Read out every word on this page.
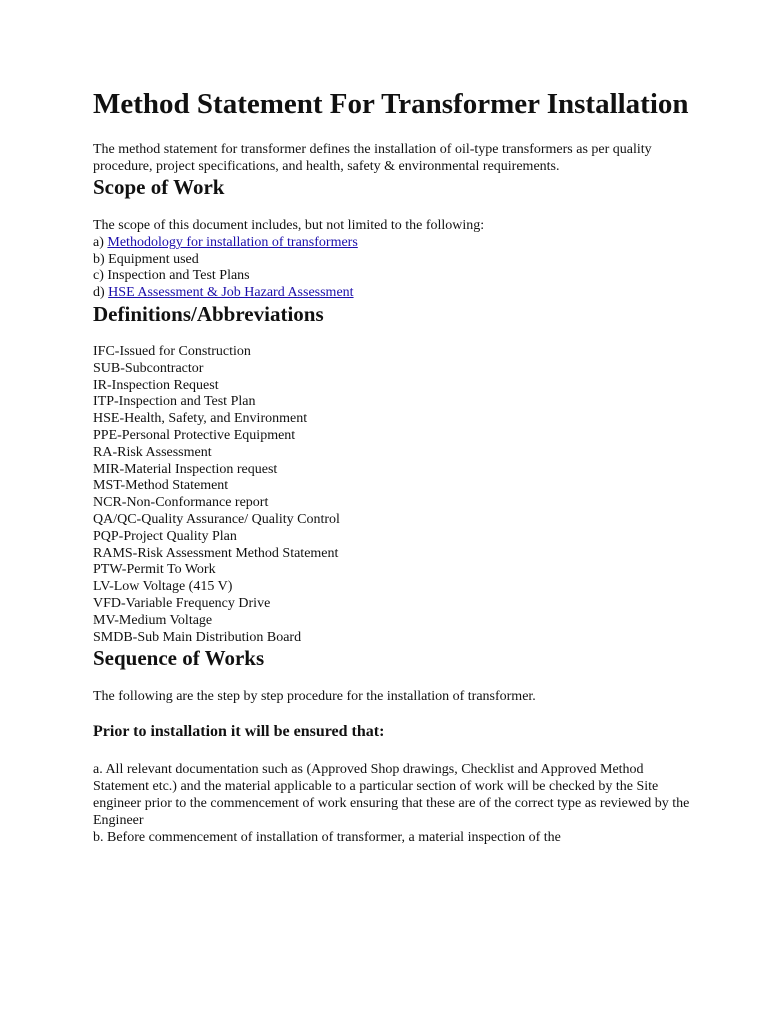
Method Statement For Transformer Installation

The method statement for transformer defines the installation of oil-type transformers as per quality procedure, project specifications, and health, safety & environmental requirements.

Scope of Work
The scope of this document includes, but not limited to the following:
a) Methodology for installation of transformers
b) Equipment used
c) Inspection and Test Plans
d) HSE Assessment & Job Hazard Assessment
Definitions/Abbreviations
IFC-Issued for Construction
SUB-Subcontractor
IR-Inspection Request
ITP-Inspection and Test Plan
HSE-Health, Safety, and Environment
PPE-Personal Protective Equipment
RA-Risk Assessment
MIR-Material Inspection request
MST-Method Statement
NCR-Non-Conformance report
QA/QC-Quality Assurance/ Quality Control
PQP-Project Quality Plan
RAMS-Risk Assessment Method Statement
PTW-Permit To Work
LV-Low Voltage (415 V)
VFD-Variable Frequency Drive
MV-Medium Voltage
SMDB-Sub Main Distribution Board
Sequence of Works
The following are the step by step procedure for the installation of transformer.
Prior to installation it will be ensured that:
a. All relevant documentation such as (Approved Shop drawings, Checklist and Approved Method Statement etc.) and the material applicable to a particular section of work will be checked by the Site engineer prior to the commencement of work ensuring that these are of the correct type as reviewed by the Engineer
b. Before commencement of installation of transformer, a material inspection of the
